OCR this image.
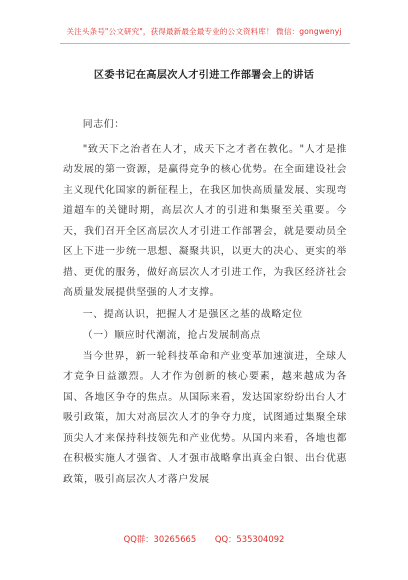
关注头条号"公文研究"，获得最新最全最专业的公文资料库！ 微信：gongwenyj
区委书记在高层次人才引进工作部署会上的讲话

同志们：

"致天下之治者在人才，成天下之才者在教化。"人才是推动发展的第一资源，是赢得竞争的核心优势。在全面建设社会主义现代化国家的新征程上，在我区加快高质量发展、实现弯道超车的关键时期，高层次人才的引进和集聚至关重要。今天，我们召开全区高层次人才引进工作部署会，就是要动员全区上下进一步统一思想、凝聚共识，以更大的决心、更实的举措、更优的服务，做好高层次人才引进工作，为我区经济社会高质量发展提供坚强的人才支撑。

一、提高认识，把握人才是强区之基的战略定位

（一）顺应时代潮流，抢占发展制高点

当今世界，新一轮科技革命和产业变革加速演进，全球人才竞争日益激烈。人才作为创新的核心要素，越来越成为各国、各地区争夺的焦点。从国际来看，发达国家纷纷出台人才吸引政策，加大对高层次人才的争夺力度，试图通过集聚全球顶尖人才来保持科技领先和产业优势。从国内来看，各地也都在积极实施人才强省、人才强市战略拿出真金白银、出台优惠政策，吸引高层次人才落户发展

QQ群：30265665 QQ：535304092
